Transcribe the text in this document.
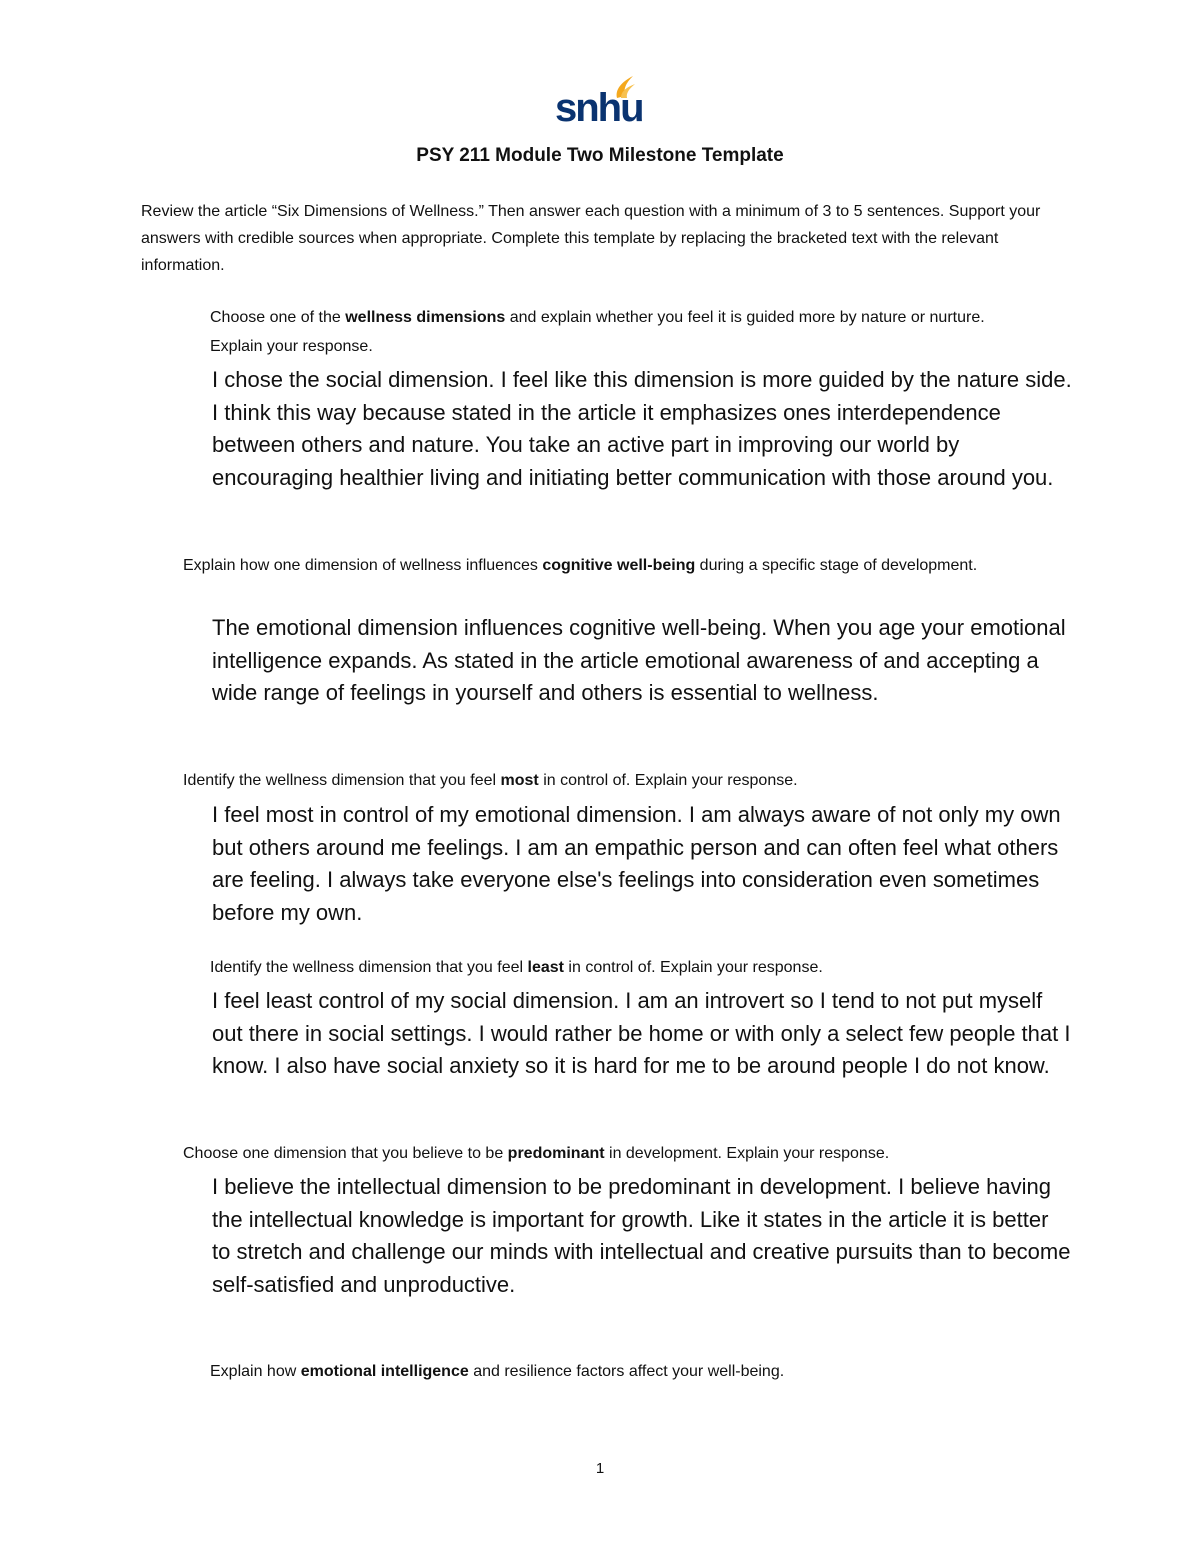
snhu
PSY 211 Module Two Milestone Template
Review the article “Six Dimensions of Wellness.” Then answer each question with a minimum of 3 to 5 sentences. Support your answers with credible sources when appropriate. Complete this template by replacing the bracketed text with the relevant information.
Choose one of the wellness dimensions and explain whether you feel it is guided more by nature or nurture. Explain your response.
I chose the social dimension. I feel like this dimension is more guided by the nature side. I think this way because stated in the article it emphasizes ones interdependence between others and nature. You take an active part in improving our world by encouraging healthier living and initiating better communication with those around you.
Explain how one dimension of wellness influences cognitive well-being during a specific stage of development.
The emotional dimension influences cognitive well-being. When you age your emotional intelligence expands. As stated in the article emotional awareness of and accepting a wide range of feelings in yourself and others is essential to wellness.
Identify the wellness dimension that you feel most in control of. Explain your response.
I feel most in control of my emotional dimension. I am always aware of not only my own but others around me feelings. I am an empathic person and can often feel what others are feeling. I always take everyone else's feelings into consideration even sometimes before my own.
Identify the wellness dimension that you feel least in control of. Explain your response.
I feel least control of my social dimension. I am an introvert so I tend to not put myself out there in social settings. I would rather be home or with only a select few people that I know. I also have social anxiety so it is hard for me to be around people I do not know.
Choose one dimension that you believe to be predominant in development. Explain your response.
I believe the intellectual dimension to be predominant in development. I believe having the intellectual knowledge is important for growth. Like it states in the article it is better to stretch and challenge our minds with intellectual and creative pursuits than to become self-satisfied and unproductive.
Explain how emotional intelligence and resilience factors affect your well-being.
1
